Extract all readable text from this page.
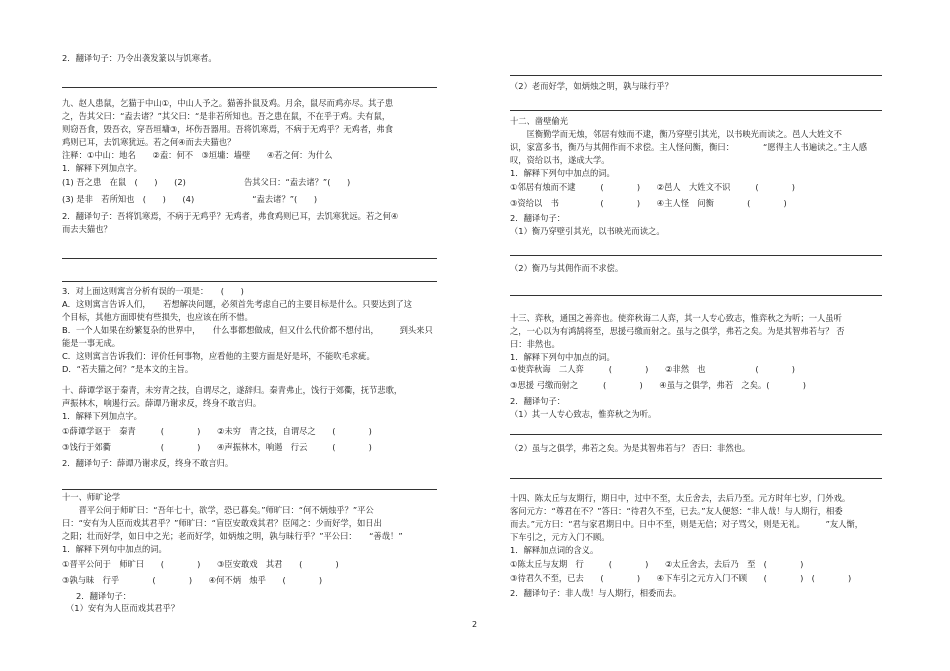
2．翻译句子：乃令出袭发篆以与饥寒者。
九、赵人患鼠，乞猫于中山①，中山人予之。猫善扑鼠及鸡。月余，鼠尽而鸡亦尽。其子患
之，告其父曰：“盍去诸？”其父曰：“是非若所知也。吾之患在鼠，不在乎于鸡。夫有鼠，
则窃吾食，毁吾衣，穿吾垣墉③，坏伤吾器用。吾将饥寒焉，不病于无鸡乎？无鸡者，弗食
鸡则已耳，去饥寒犹远。若之何④而去夫猫也？
注释：①中山：地名　　②盍：何不　③垣墉：墙壁　　④若之何：为什么
1．解释下列加点字。
(1) 吾之患　在鼠　(　　)　　(2)　　　　　　　告其父曰：“盍去诸？”(　　)
(3) 是非　若所知也　(　　)　　(4)　　　　　　　“盍去诸？”(　　)
2．翻译句子：吾将饥寒焉，不病于无鸡乎？无鸡者，弗食鸡则已耳，去饥寒犹远。若之何④
而去夫猫也？
3．对上面这则寓言分析有误的一项是：　　(　　)
A．这则寓言告诉人们，　　若想解决问题，必须首先考虑自己的主要目标是什么。只要达到了这
个目标，其他方面即使有些损失，也应该在所不惜。
B．一个人如果在纷繁复杂的世界中，　　什么事都想做成，但又什么代价都不想付出，　　　到头来只
能是一事无成。
C．这则寓言告诉我们：评价任何事物，应看他的主要方面是好是坏，不能吹毛求疵。
D．“若夫猫之何？”是本文的主旨。
十、薛谭学讴于秦青，未穷青之技，自谓尽之，遂辞归。秦青弗止，饯行于郊衢，抚节悲歌，
声振林木，响遏行云。薛谭乃谢求反，终身不敢言归。
1．解释下列加点字。
①薛谭学讴于　秦青　　　(　　　　)　　②未穷　青之技，自谓尽之　　(　　　　)
③饯行于郊衢　　　　　　(　　　　)　　④声振林木，响遏　行云　　　(　　　　)
2．翻译句子：薛谭乃谢求反，终身不敢言归。
十一、师旷论学
　　晋平公问于师旷曰：“吾年七十，欲学，恐已暮矣。”师旷曰：“何不炳烛乎？”平公
曰：“安有为人臣而戏其君乎？”师旷曰：“盲臣安敢戏其君？臣闻之：少而好学，如日出
之阳；壮而好学，如日中之光；老而好学，如炳烛之明，孰与昧行乎？”平公曰：　　“善哉！”
1．解释下列句中加点的词。
①晋平公问于　师旷曰　　(　　　　)　　③臣安敢戏　其君　　(　　　　)
③孰与昧　行乎　　　　(　　　　)　　④何不炳　烛乎　　(　　　　)
2．翻译句子：
（1）安有为人臣而戏其君乎？
（2）老而好学，如炳烛之明，孰与昧行乎？
十二、凿壁偷光
　　匡衡勤学而无烛，邻居有烛而不逮，衡乃穿壁引其光，以书映光而读之。邑人大姓文不
识，家富多书，衡乃与其佣作而不求偿。主人怪问衡，衡曰：　　　　“愿得主人书遍读之。”主人感
叹，资给以书，遂成大学。
1．解释下列句中加点的词。
①邻居有烛而不逮　　　(　　　　)　　②邑人　大姓文不识　　　(　　　　)
③资给以　书　　　　　(　　　　)　　④主人怪　问衡　　　　(　　　　)
2．翻译句子：
（1）衡乃穿壁引其光，以书映光而读之。
（2）衡乃与其佣作而不求偿。
十三、弈秋，通国之善弈也。使弈秋诲二人弈，其一人专心致志，惟弈秋之为听；一人虽听
之，一心以为有鸿鹄将至，思援弓缴而射之。虽与之俱学，弗若之矣。为是其智弗若与？ 否
曰：非然也。
1．解释下列句中加点的词。
①使弈秋诲　二人弈　　　(　　　　)　　②非然　也　　　　　　(　　　　)
③思援 弓缴而射之　　　(　　　　)　　④虽与之俱学，弗若　之矣。(　　　　)
2．翻译句子：
（1）其一人专心致志，惟弈秋之为听。
（2）虽与之俱学，弗若之矣。为是其智弗若与？ 否曰：非然也。
十四、陈太丘与友期行，期日中，过中不至，太丘舍去，去后乃至。元方时年七岁，门外戏。
客问元方：“尊君在不？”答曰：“待君久不至，已去。”友人便怒：“非人哉！与人期行，相委
而去。”元方曰：“君与家君期日中。日中不至，则是无信；对子骂父，则是无礼。　　　”友人惭，
下车引之，元方入门不顾。
1．解释加点词的含义。
①陈太丘与友期　行　　　(　　　　)　　②太丘舍去，去后乃　至　(　　　　)
③待君久不至，已去　　(　　　　)　　④下车引之元方入门不顾　　(　　　　)　(　　　　)
2．翻译句子：非人哉！与人期行，相委而去。
2
